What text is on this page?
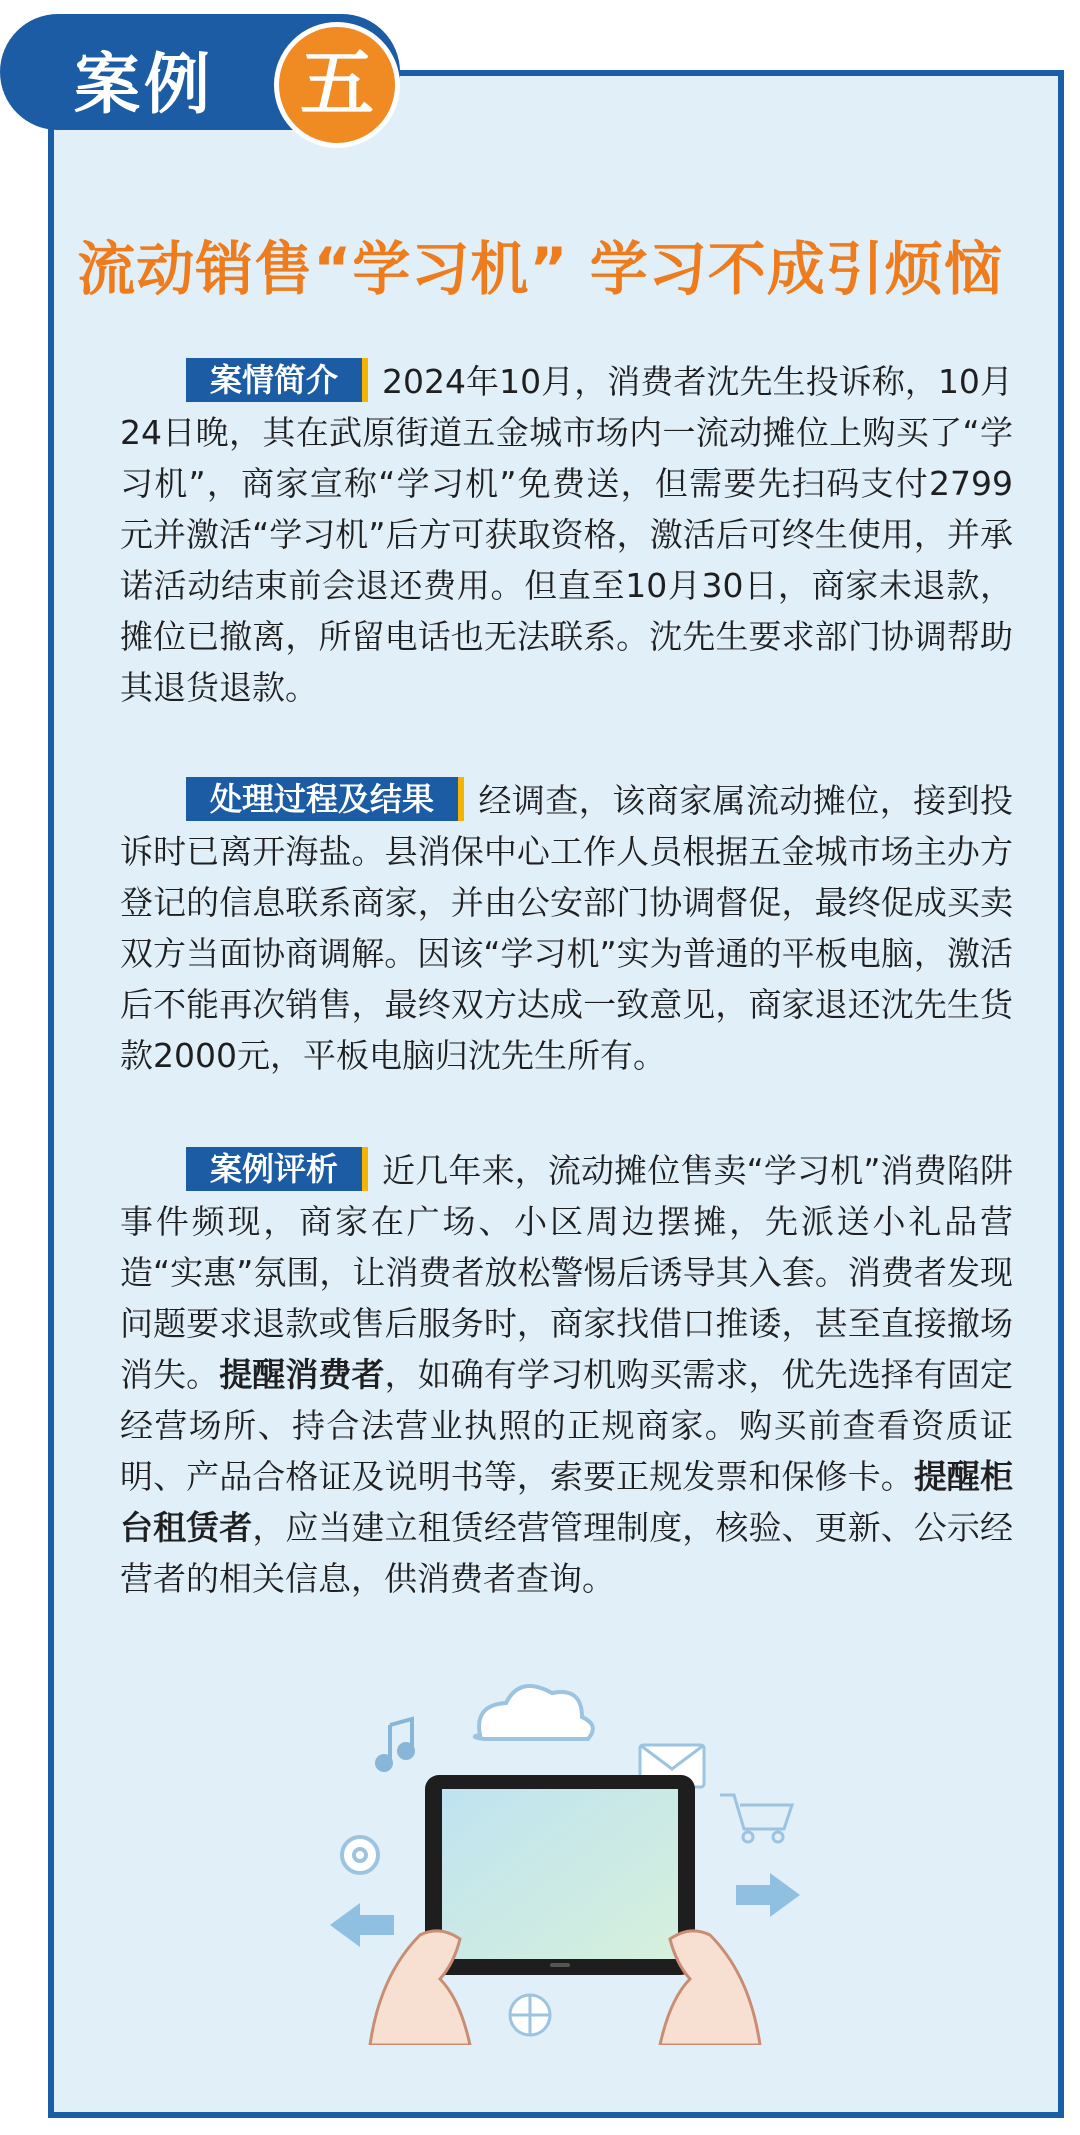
案例	五
流动销售“学习机” 学习不成引烦恼
案情简介 2024年10月，消费者沈先生投诉称，10月24日晚，其在武原街道五金城市场内一流动摊位上购买了“学习机”，商家宣称“学习机”免费送，但需要先扫码支付2799元并激活“学习机”后方可获取资格，激活后可终生使用，并承诺活动结束前会退还费用。但直至10月30日，商家未退款，摊位已撤离，所留电话也无法联系。沈先生要求部门协调帮助其退货退款。
处理过程及结果 经调查，该商家属流动摊位，接到投诉时已离开海盐。县消保中心工作人员根据五金城市场主办方登记的信息联系商家，并由公安部门协调督促，最终促成买卖双方当面协商调解。因该“学习机”实为普通的平板电脑，激活后不能再次销售，最终双方达成一致意见，商家退还沈先生货款2000元，平板电脑归沈先生所有。
案例评析 近几年来，流动摊位售卖“学习机”消费陷阱事件频现，商家在广场、小区周边摆摊，先派送小礼品营造“实惠”氛围，让消费者放松警惕后诱导其入套。消费者发现问题要求退款或售后服务时，商家找借口推诿，甚至直接撤场消失。提醒消费者，如确有学习机购买需求，优先选择有固定经营场所、持合法营业执照的正规商家。购买前查看资质证明、产品合格证及说明书等，索要正规发票和保修卡。提醒柜台租赁者，应当建立租赁经营管理制度，核验、更新、公示经营者的相关信息，供消费者查询。
